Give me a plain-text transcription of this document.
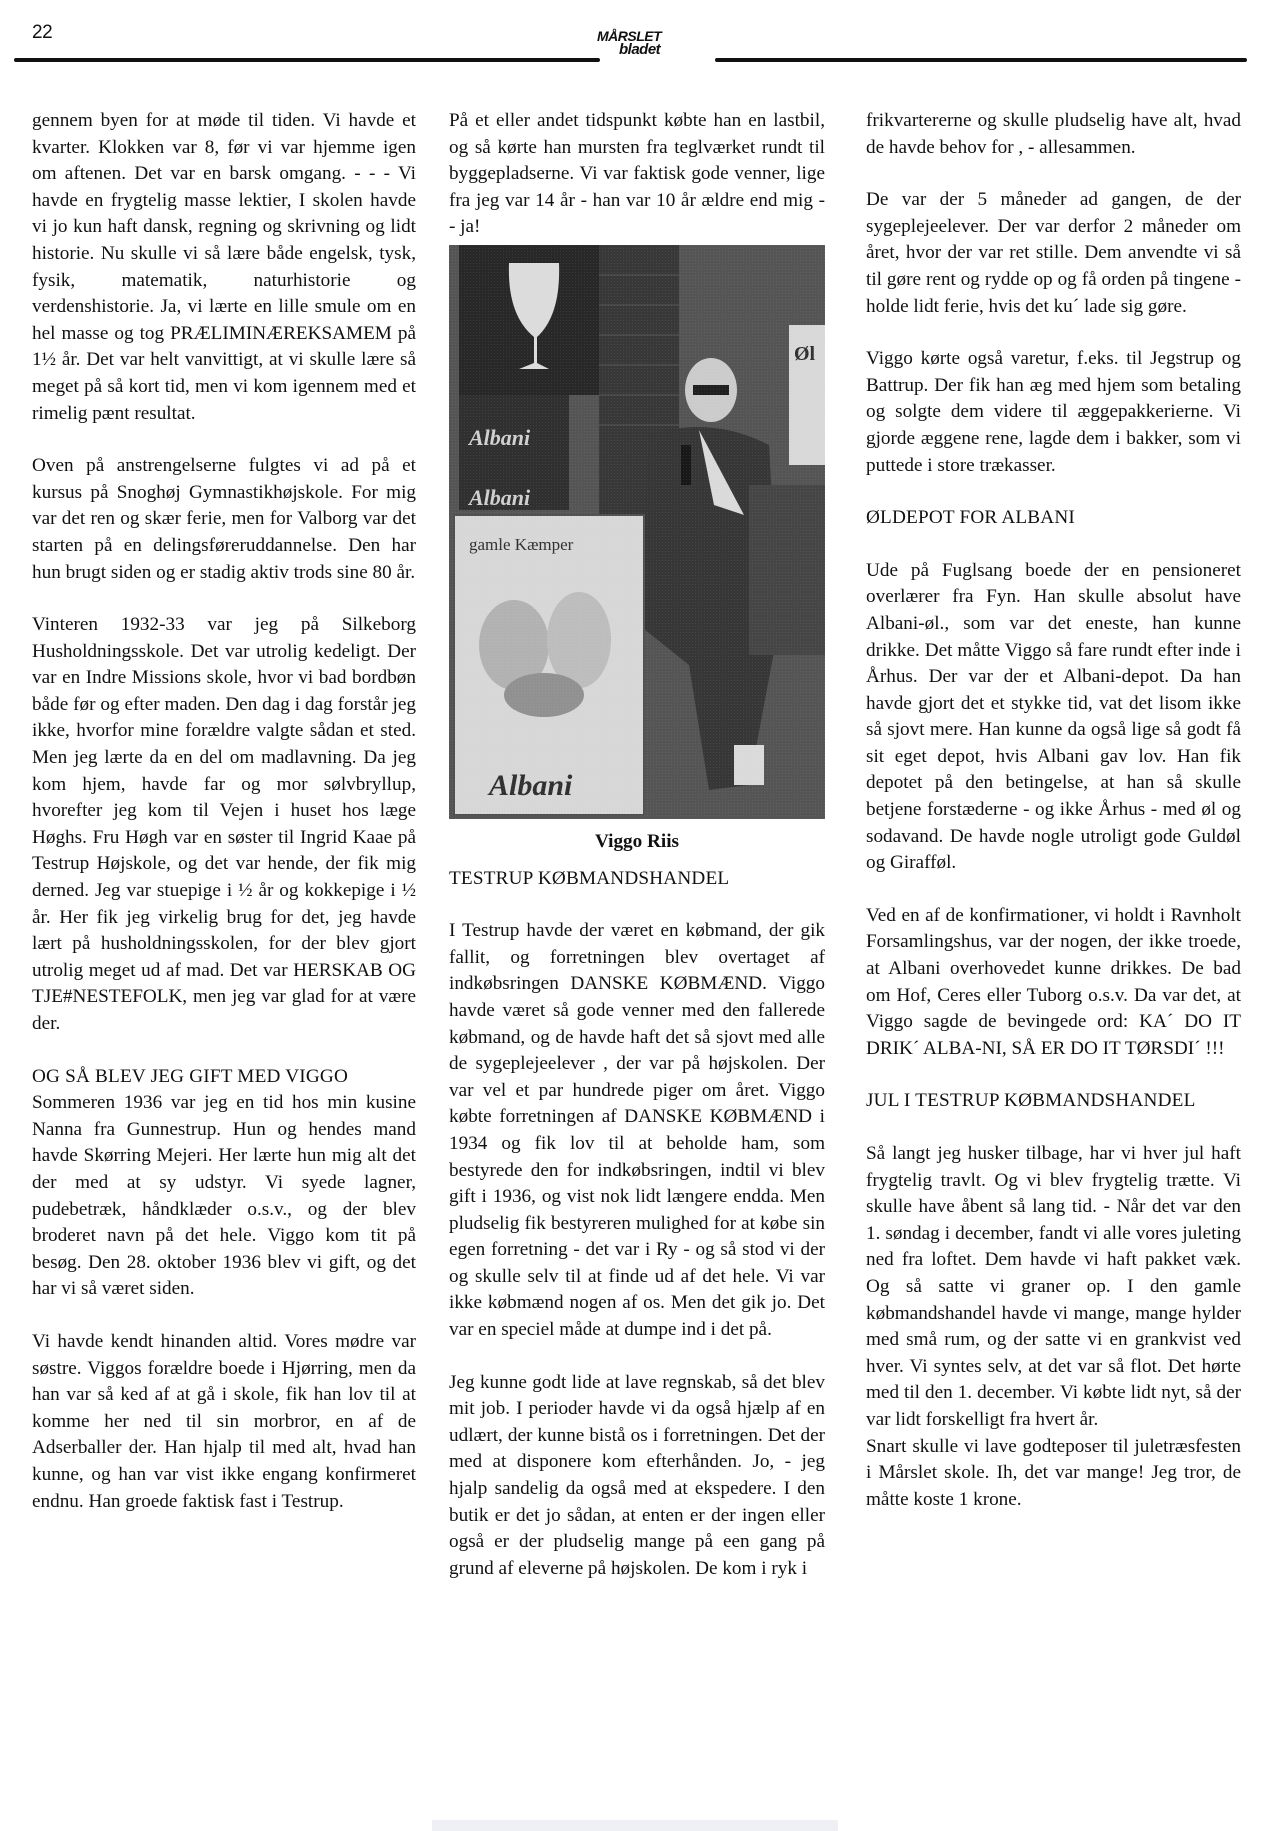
22	MÅRSLET
bladet

gennem byen for at møde til tiden. Vi havde et kvarter. Klokken var 8, før vi var hjemme igen om aftenen. Det var en barsk omgang. - - - Vi havde en frygtelig masse lektier, I skolen havde vi jo kun haft dansk, regning og skrivning og lidt historie. Nu skulle vi så lære både engelsk, tysk, fysik, matematik, naturhistorie og verdenshistorie. Ja, vi lærte en lille smule om en hel masse og tog PRÆLIMINÆREKSAMEM på 1½ år. Det var helt vanvittigt, at vi skulle lære så meget på så kort tid, men vi kom igennem med et rimelig pænt resultat.

Oven på anstrengelserne fulgtes vi ad på et kursus på Snoghøj Gymnastikhøjskole. For mig var det ren og skær ferie, men for Valborg var det starten på en delingsføreruddannelse. Den har hun brugt siden og er stadig aktiv trods sine 80 år.

Vinteren 1932-33 var jeg på Silkeborg Husholdningsskole. Det var utrolig kedeligt. Der var en Indre Missions skole, hvor vi bad bordbøn både før og efter maden. Den dag i dag forstår jeg ikke, hvorfor mine forældre valgte sådan et sted. Men jeg lærte da en del om madlavning. Da jeg kom hjem, havde far og mor sølvbryllup, hvorefter jeg kom til Vejen i huset hos læge Høghs. Fru Høgh var en søster til Ingrid Kaae på Testrup Højskole, og det var hende, der fik mig derned. Jeg var stuepige i ½ år og kokkepige i ½ år. Her fik jeg virkelig brug for det, jeg havde lært på husholdningsskolen, for der blev gjort utrolig meget ud af mad. Det var HERSKAB OG TJE#NESTEFOLK, men jeg var glad for at være der.

OG SÅ BLEV JEG GIFT MED VIGGO

Sommeren 1936 var jeg en tid hos min kusine Nanna fra Gunnestrup. Hun og hendes mand havde Skørring Mejeri. Her lærte hun mig alt det der med at sy udstyr. Vi syede lagner, pudebetræk, håndklæder o.s.v., og der blev broderet navn på det hele. Viggo kom tit på besøg. Den 28. oktober 1936 blev vi gift, og det har vi så været siden.

Vi havde kendt hinanden altid. Vores mødre var søstre. Viggos forældre boede i Hjørring, men da han var så ked af at gå i skole, fik han lov til at komme her ned til sin morbror, en af de Adserballer der. Han hjalp til med alt, hvad han kunne, og han var vist ikke engang konfirmeret endnu. Han groede faktisk fast i Testrup.

På et eller andet tidspunkt købte han en lastbil, og så kørte han mursten fra teglværket rundt til byggepladserne. Vi var faktisk gode venner, lige fra jeg var 14 år - han var 10 år ældre end mig - - ja!

Viggo Riis
TESTRUP KØBMANDSHANDEL

I Testrup havde der været en købmand, der gik fallit, og forretningen blev overtaget af indkøbsringen DANSKE KØBMÆND. Viggo havde været så gode venner med den fallerede købmand, og de havde haft det så sjovt med alle de sygeplejeelever , der var på højskolen. Der var vel et par hundrede piger om året. Viggo købte forretningen af DANSKE KØBMÆND i 1934 og fik lov til at beholde ham, som bestyrede den for indkøbsringen, indtil vi blev gift i 1936, og vist nok lidt længere endda. Men pludselig fik bestyreren mulighed for at købe sin egen forretning - det var i Ry - og så stod vi der og skulle selv til at finde ud af det hele. Vi var ikke købmænd nogen af os. Men det gik jo. Det var en speciel måde at dumpe ind i det på.

Jeg kunne godt lide at lave regnskab, så det blev mit job. I perioder havde vi da også hjælp af en udlært, der kunne bistå os i forretningen. Det der med at disponere kom efterhånden. Jo, - jeg hjalp sandelig da også med at ekspedere. I den butik er det jo sådan, at enten er der ingen eller også er der pludselig mange på een gang på grund af eleverne på højskolen. De kom i ryk i

frikvartererne og skulle pludselig have alt, hvad de havde behov for , - allesammen.

De var der 5 måneder ad gangen, de der sygeplejeelever. Der var derfor 2 måneder om året, hvor der var ret stille. Dem anvendte vi så til gøre rent og rydde op og få orden på tingene - holde lidt ferie, hvis det ku´ lade sig gøre.

Viggo kørte også varetur, f.eks. til Jegstrup og Battrup. Der fik han æg med hjem som betaling og solgte dem videre til æggepakkerierne. Vi gjorde æggene rene, lagde dem i bakker, som vi puttede i store trækasser.

ØLDEPOT FOR ALBANI

Ude på Fuglsang boede der en pensioneret overlærer fra Fyn. Han skulle absolut have Albani-øl., som var det eneste, han kunne drikke. Det måtte Viggo så fare rundt efter inde i Århus. Der var der et Albani-depot. Da han havde gjort det et stykke tid, vat det lisom ikke så sjovt mere. Han kunne da også lige så godt få sit eget depot, hvis Albani gav lov. Han fik depotet på den betingelse, at han så skulle betjene forstæderne - og ikke Århus - med øl og sodavand. De havde nogle utroligt gode Guldøl og Girafføl.

Ved en af de konfirmationer, vi holdt i Ravnholt Forsamlingshus, var der nogen, der ikke troede, at Albani overhovedet kunne drikkes. De bad om Hof, Ceres eller Tuborg o.s.v. Da var det, at Viggo sagde de bevingede ord: KA´ DO IT DRIK´ ALBA-NI, SÅ ER DO IT TØRSDI´ !!!

JUL I TESTRUP KØBMANDSHANDEL

Så langt jeg husker tilbage, har vi hver jul haft frygtelig travlt. Og vi blev frygtelig trætte. Vi skulle have åbent så lang tid. - Når det var den 1. søndag i december, fandt vi alle vores juleting ned fra loftet. Dem havde vi haft pakket væk. Og så satte vi graner op. I den gamle købmandshandel havde vi mange, mange hylder med små rum, og der satte vi en grankvist ved hver. Vi syntes selv, at det var så flot. Det hørte med til den 1. december. Vi købte lidt nyt, så der var lidt forskelligt fra hvert år.

Snart skulle vi lave godteposer til juletræsfesten i Mårslet skole. Ih, det var mange! Jeg tror, de måtte koste 1 krone.
